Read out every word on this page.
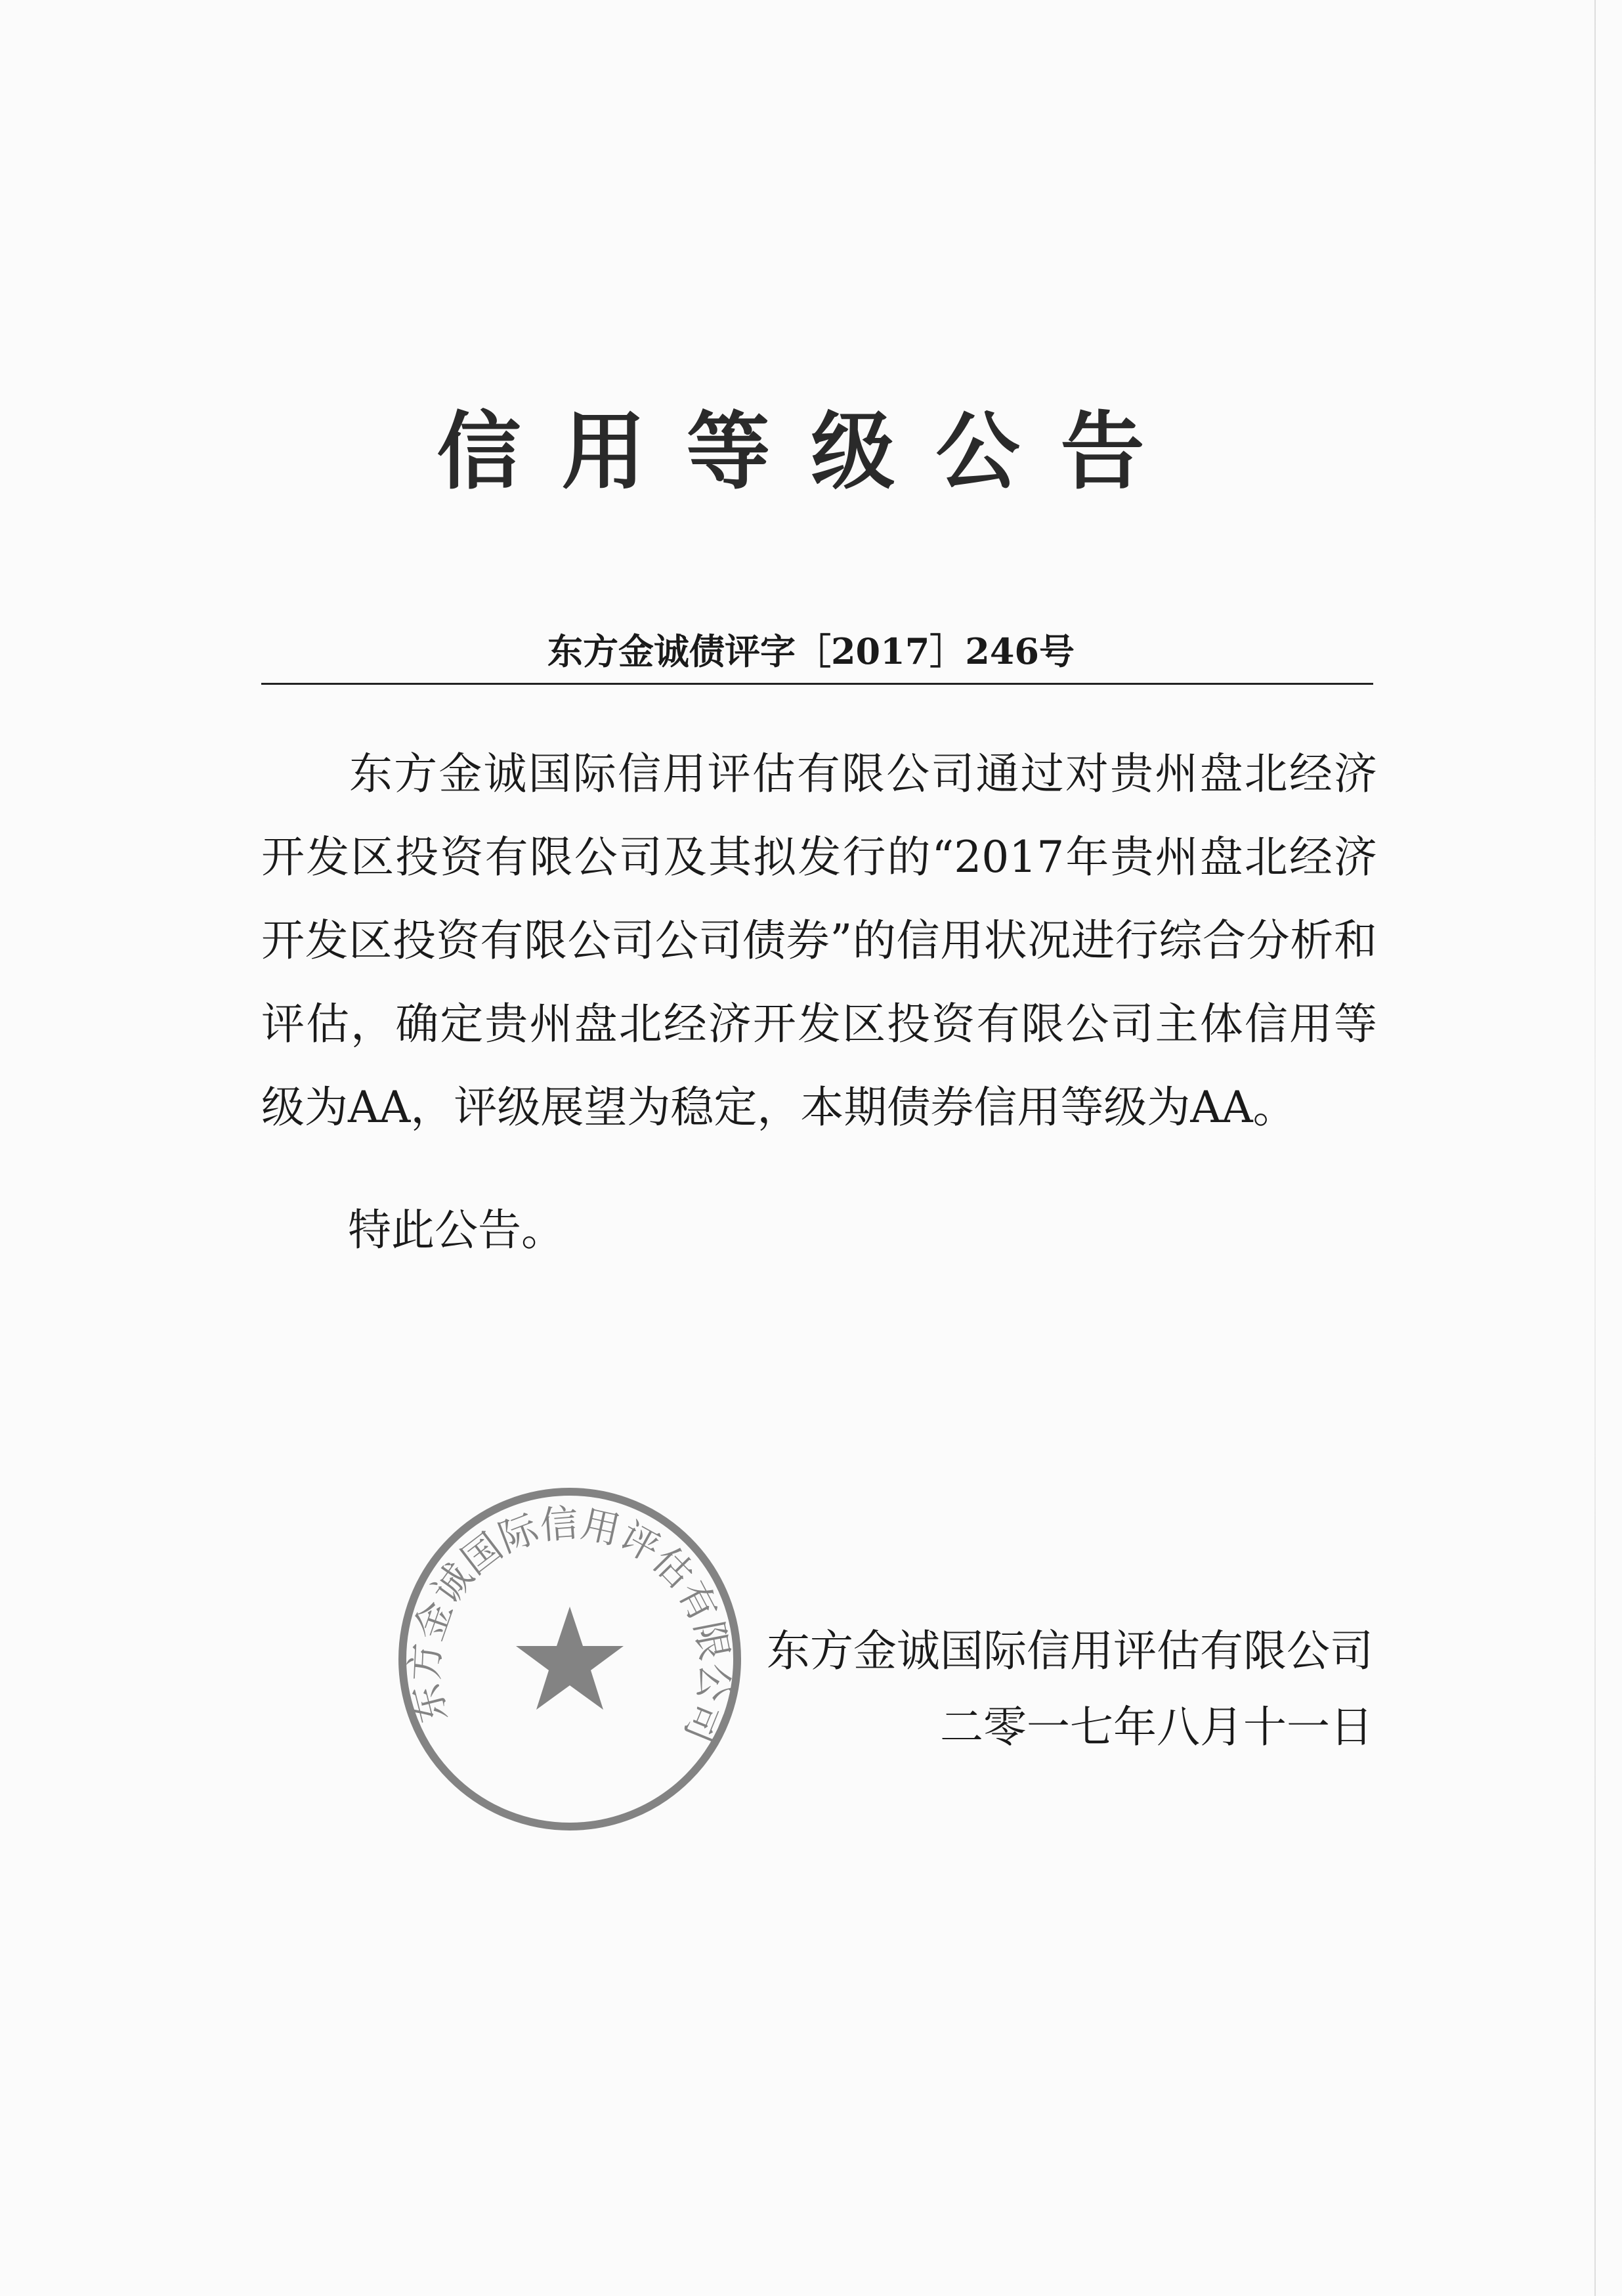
信用等级公告
东方金诚债评字［2017］246号

东方金诚国际信用评估有限公司通过对贵州盘北经济开发区投资有限公司及其拟发行的“2017年贵州盘北经济开发区投资有限公司公司债券”的信用状况进行综合分析和评估，确定贵州盘北经济开发区投资有限公司主体信用等级为AA，评级展望为稳定，本期债券信用等级为AA。

特此公告。
东方金诚国际信用评估有限公司
东方金诚国际信用评估有限公司
二零一七年八月十一日
